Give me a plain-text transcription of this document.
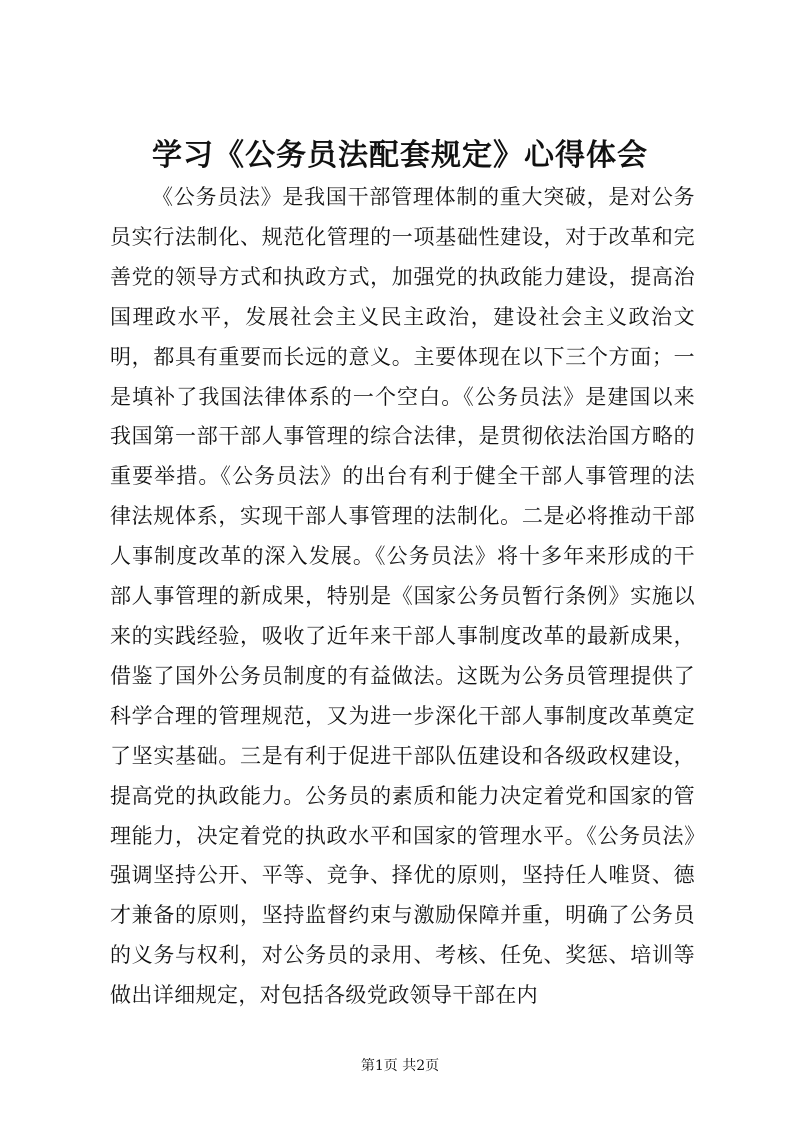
学习《公务员法配套规定》心得体会

《公务员法》是我国干部管理体制的重大突破，是对公务员实行法制化、规范化管理的一项基础性建设，对于改革和完善党的领导方式和执政方式，加强党的执政能力建设，提高治国理政水平，发展社会主义民主政治，建设社会主义政治文明，都具有重要而长远的意义。主要体现在以下三个方面；一是填补了我国法律体系的一个空白。《公务员法》是建国以来我国第一部干部人事管理的综合法律，是贯彻依法治国方略的重要举措。《公务员法》的出台有利于健全干部人事管理的法律法规体系，实现干部人事管理的法制化。二是必将推动干部人事制度改革的深入发展。《公务员法》将十多年来形成的干部人事管理的新成果，特别是《国家公务员暂行条例》实施以来的实践经验，吸收了近年来干部人事制度改革的最新成果，借鉴了国外公务员制度的有益做法。这既为公务员管理提供了科学合理的管理规范，又为进一步深化干部人事制度改革奠定了坚实基础。三是有利于促进干部队伍建设和各级政权建设，提高党的执政能力。公务员的素质和能力决定着党和国家的管理能力，决定着党的执政水平和国家的管理水平。《公务员法》强调坚持公开、平等、竞争、择优的原则，坚持任人唯贤、德才兼备的原则，坚持监督约束与激励保障并重，明确了公务员的义务与权利，对公务员的录用、考核、任免、奖惩、培训等做出详细规定，对包括各级党政领导干部在内

第1页 共2页
